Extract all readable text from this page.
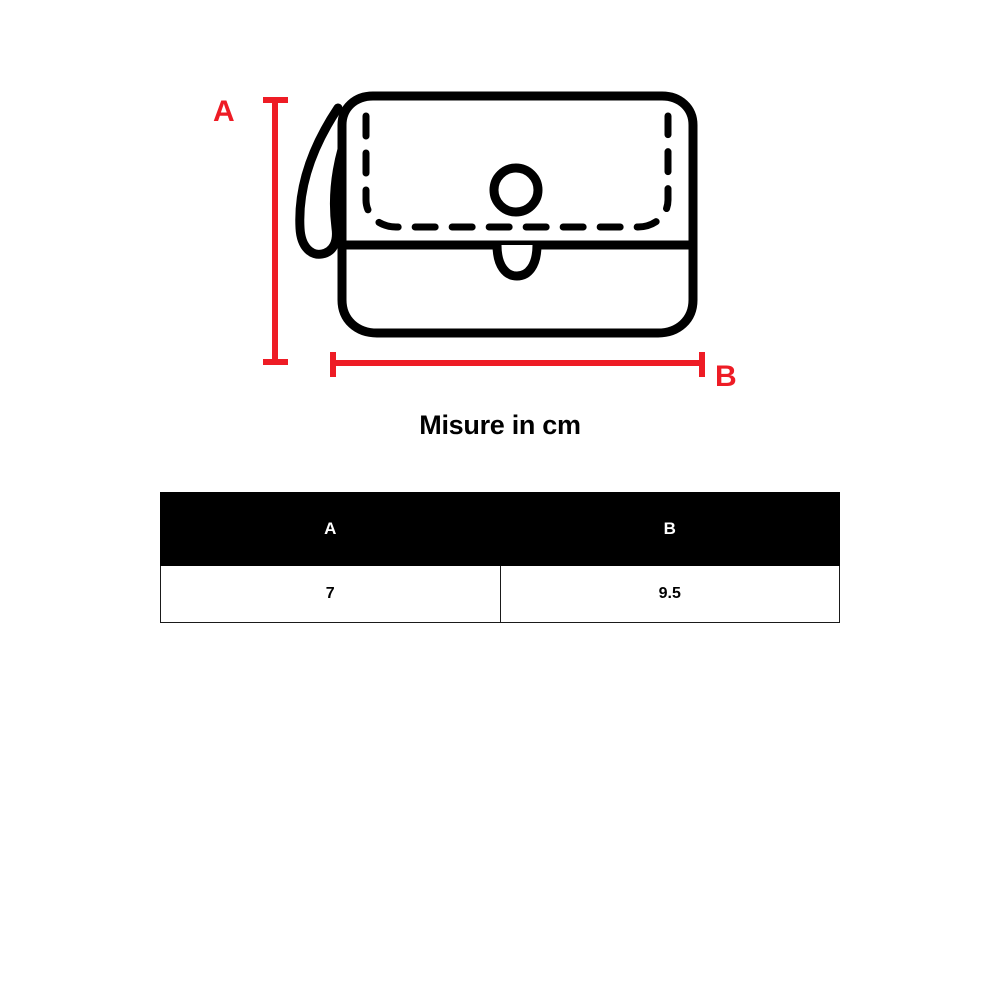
A
B
Misure in cm
A	B
7	9.5
